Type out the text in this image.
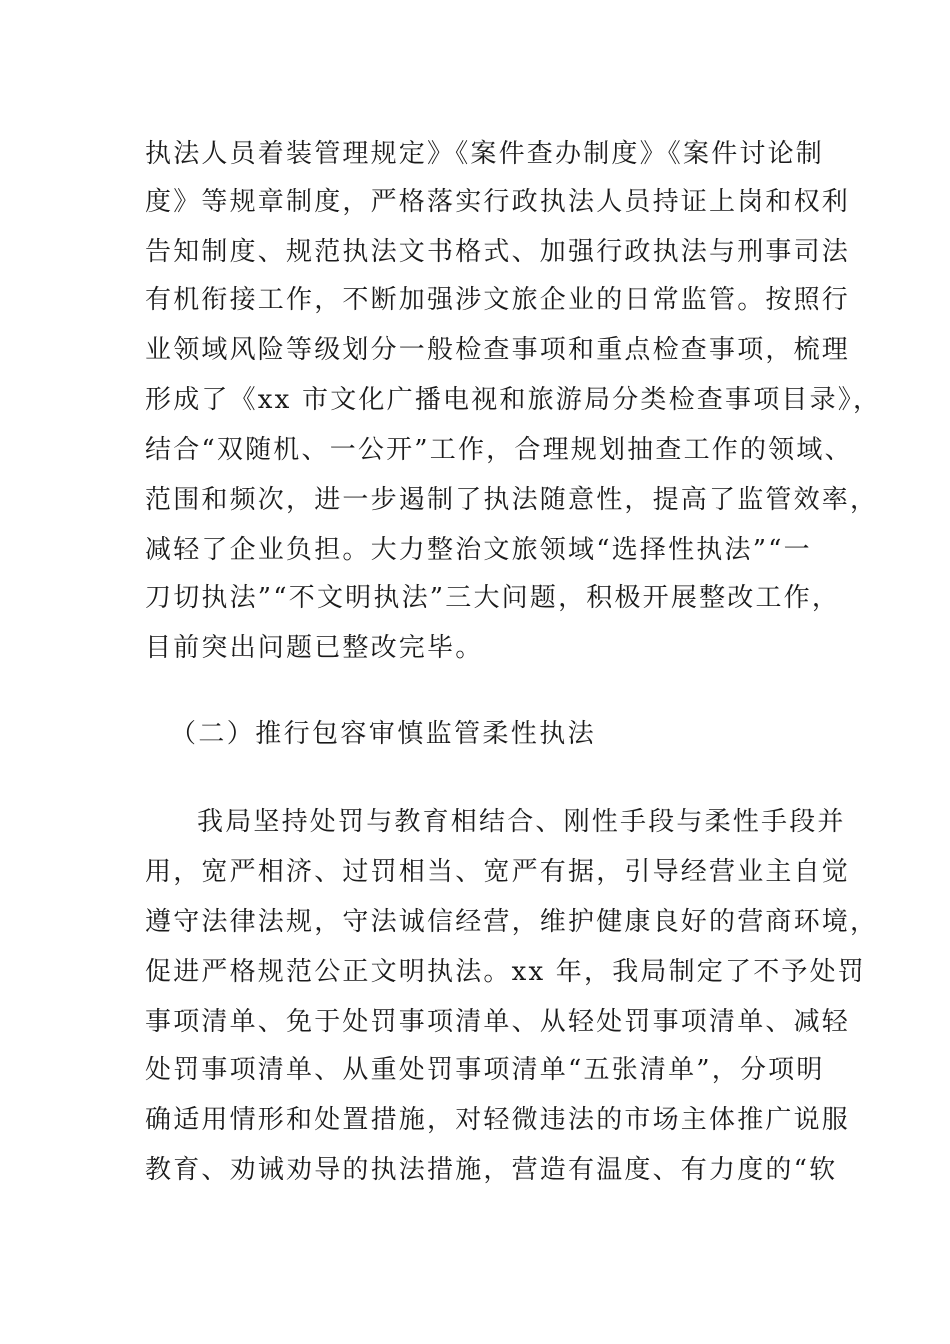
执法人员着装管理规定》《案件查办制度》《案件讨论制
度》等规章制度，严格落实行政执法人员持证上岗和权利
告知制度、规范执法文书格式、加强行政执法与刑事司法
有机衔接工作，不断加强涉文旅企业的日常监管。按照行
业领域风险等级划分一般检查事项和重点检查事项，梳理
形成了《xx 市文化广播电视和旅游局分类检查事项目录》，
结合“双随机、一公开”工作，合理规划抽查工作的领域、
范围和频次，进一步遏制了执法随意性，提高了监管效率，
减轻了企业负担。大力整治文旅领域“选择性执法”“一
刀切执法”“不文明执法”三大问题，积极开展整改工作，
目前突出问题已整改完毕。
（二）推行包容审慎监管柔性执法
我局坚持处罚与教育相结合、刚性手段与柔性手段并
用，宽严相济、过罚相当、宽严有据，引导经营业主自觉
遵守法律法规，守法诚信经营，维护健康良好的营商环境，
促进严格规范公正文明执法。xx 年，我局制定了不予处罚
事项清单、免于处罚事项清单、从轻处罚事项清单、减轻
处罚事项清单、从重处罚事项清单“五张清单”，分项明
确适用情形和处置措施，对轻微违法的市场主体推广说服
教育、劝诫劝导的执法措施，营造有温度、有力度的“软
